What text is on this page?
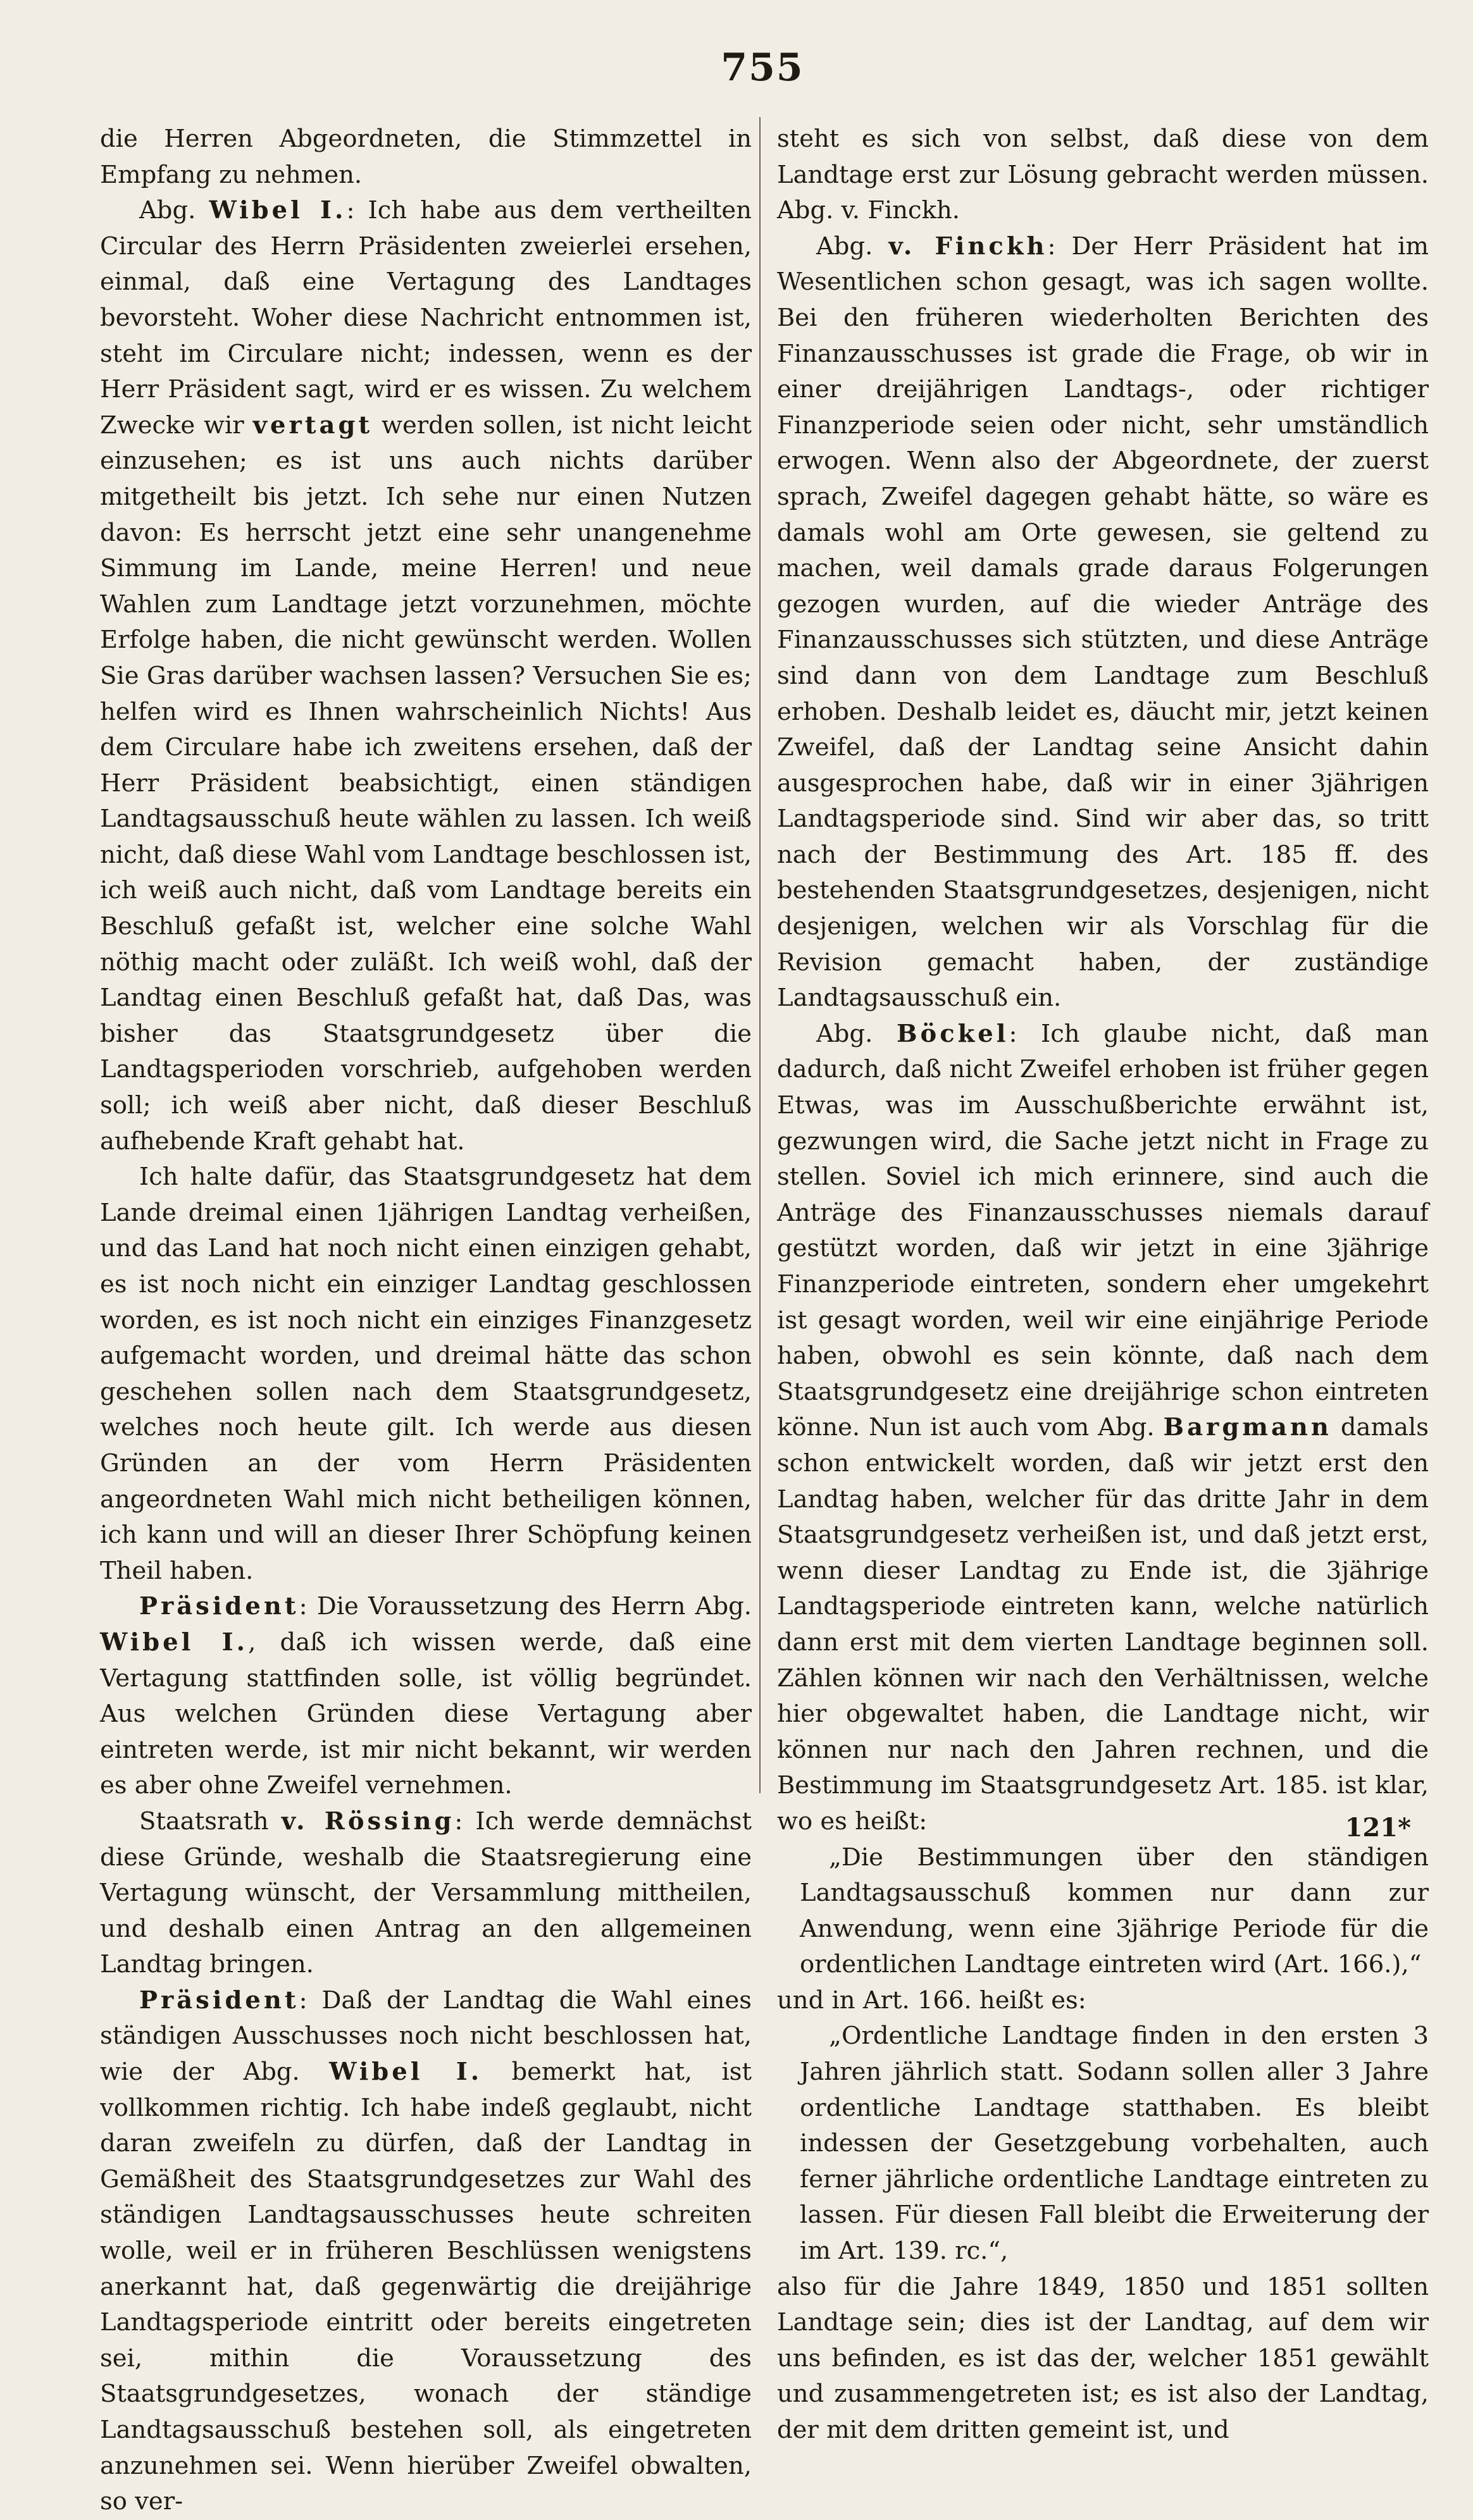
755

die Herren Abgeordneten, die Stimmzettel in Empfang zu nehmen.

Abg. Wibel I.: Ich habe aus dem vertheilten Circular des Herrn Präsidenten zweierlei ersehen, einmal, daß eine Vertagung des Landtages bevorsteht. Woher diese Nachricht entnommen ist, steht im Circulare nicht; indessen, wenn es der Herr Präsident sagt, wird er es wissen. Zu welchem Zwecke wir vertagt werden sollen, ist nicht leicht einzusehen; es ist uns auch nichts darüber mitgetheilt bis jetzt. Ich sehe nur einen Nutzen davon: Es herrscht jetzt eine sehr unangenehme Simmung im Lande, meine Herren! und neue Wahlen zum Landtage jetzt vorzunehmen, möchte Erfolge haben, die nicht gewünscht werden. Wollen Sie Gras darüber wachsen lassen? Versuchen Sie es; helfen wird es Ihnen wahrscheinlich Nichts! Aus dem Circulare habe ich zweitens ersehen, daß der Herr Präsident beabsichtigt, einen ständigen Landtagsausschuß heute wählen zu lassen. Ich weiß nicht, daß diese Wahl vom Landtage beschlossen ist, ich weiß auch nicht, daß vom Landtage bereits ein Beschluß gefaßt ist, welcher eine solche Wahl nöthig macht oder zuläßt. Ich weiß wohl, daß der Landtag einen Beschluß gefaßt hat, daß Das, was bisher das Staatsgrundgesetz über die Landtagsperioden vorschrieb, aufgehoben werden soll; ich weiß aber nicht, daß dieser Beschluß aufhebende Kraft gehabt hat.

Ich halte dafür, das Staatsgrundgesetz hat dem Lande dreimal einen 1jährigen Landtag verheißen, und das Land hat noch nicht einen einzigen gehabt, es ist noch nicht ein einziger Landtag geschlossen worden, es ist noch nicht ein einziges Finanzgesetz aufgemacht worden, und dreimal hätte das schon geschehen sollen nach dem Staatsgrundgesetz, welches noch heute gilt. Ich werde aus diesen Gründen an der vom Herrn Präsidenten angeordneten Wahl mich nicht betheiligen können, ich kann und will an dieser Ihrer Schöpfung keinen Theil haben.

Präsident: Die Voraussetzung des Herrn Abg. Wibel I., daß ich wissen werde, daß eine Vertagung stattfinden solle, ist völlig begründet. Aus welchen Gründen diese Vertagung aber eintreten werde, ist mir nicht bekannt, wir werden es aber ohne Zweifel vernehmen.

Staatsrath v. Rössing: Ich werde demnächst diese Gründe, weshalb die Staatsregierung eine Vertagung wünscht, der Versammlung mittheilen, und deshalb einen Antrag an den allgemeinen Landtag bringen.

Präsident: Daß der Landtag die Wahl eines ständigen Ausschusses noch nicht beschlossen hat, wie der Abg. Wibel I. bemerkt hat, ist vollkommen richtig. Ich habe indeß geglaubt, nicht daran zweifeln zu dürfen, daß der Landtag in Gemäßheit des Staatsgrundgesetzes zur Wahl des ständigen Landtagsausschusses heute schreiten wolle, weil er in früheren Beschlüssen wenigstens anerkannt hat, daß gegenwärtig die dreijährige Landtagsperiode eintritt oder bereits eingetreten sei, mithin die Voraussetzung des Staatsgrundgesetzes, wonach der ständige Landtagsausschuß bestehen soll, als eingetreten anzunehmen sei. Wenn hierüber Zweifel obwalten, so ver-

steht es sich von selbst, daß diese von dem Landtage erst zur Lösung gebracht werden müssen. Abg. v. Finckh.

Abg. v. Finckh: Der Herr Präsident hat im Wesentlichen schon gesagt, was ich sagen wollte. Bei den früheren wiederholten Berichten des Finanzausschusses ist grade die Frage, ob wir in einer dreijährigen Landtags-, oder richtiger Finanzperiode seien oder nicht, sehr umständlich erwogen. Wenn also der Abgeordnete, der zuerst sprach, Zweifel dagegen gehabt hätte, so wäre es damals wohl am Orte gewesen, sie geltend zu machen, weil damals grade daraus Folgerungen gezogen wurden, auf die wieder Anträge des Finanzausschusses sich stützten, und diese Anträge sind dann von dem Landtage zum Beschluß erhoben. Deshalb leidet es, däucht mir, jetzt keinen Zweifel, daß der Landtag seine Ansicht dahin ausgesprochen habe, daß wir in einer 3jährigen Landtagsperiode sind. Sind wir aber das, so tritt nach der Bestimmung des Art. 185 ff. des bestehenden Staatsgrundgesetzes, desjenigen, nicht desjenigen, welchen wir als Vorschlag für die Revision gemacht haben, der zuständige Landtagsausschuß ein.

Abg. Böckel: Ich glaube nicht, daß man dadurch, daß nicht Zweifel erhoben ist früher gegen Etwas, was im Ausschußberichte erwähnt ist, gezwungen wird, die Sache jetzt nicht in Frage zu stellen. Soviel ich mich erinnere, sind auch die Anträge des Finanzausschusses niemals darauf gestützt worden, daß wir jetzt in eine 3jährige Finanzperiode eintreten, sondern eher umgekehrt ist gesagt worden, weil wir eine einjährige Periode haben, obwohl es sein könnte, daß nach dem Staatsgrundgesetz eine dreijährige schon eintreten könne. Nun ist auch vom Abg. Bargmann damals schon entwickelt worden, daß wir jetzt erst den Landtag haben, welcher für das dritte Jahr in dem Staatsgrundgesetz verheißen ist, und daß jetzt erst, wenn dieser Landtag zu Ende ist, die 3jährige Landtagsperiode eintreten kann, welche natürlich dann erst mit dem vierten Landtage beginnen soll. Zählen können wir nach den Verhältnissen, welche hier obgewaltet haben, die Landtage nicht, wir können nur nach den Jahren rechnen, und die Bestimmung im Staatsgrundgesetz Art. 185. ist klar, wo es heißt:

„Die Bestimmungen über den ständigen Landtagsausschuß kommen nur dann zur Anwendung, wenn eine 3jährige Periode für die ordentlichen Landtage eintreten wird (Art. 166.),“

und in Art. 166. heißt es:

„Ordentliche Landtage finden in den ersten 3 Jahren jährlich statt. Sodann sollen aller 3 Jahre ordentliche Landtage statthaben. Es bleibt indessen der Gesetzgebung vorbehalten, auch ferner jährliche ordentliche Landtage eintreten zu lassen. Für diesen Fall bleibt die Erweiterung der im Art. 139. rc.“,

also für die Jahre 1849, 1850 und 1851 sollten Landtage sein; dies ist der Landtag, auf dem wir uns befinden, es ist das der, welcher 1851 gewählt und zusammengetreten ist; es ist also der Landtag, der mit dem dritten gemeint ist, und

121*
